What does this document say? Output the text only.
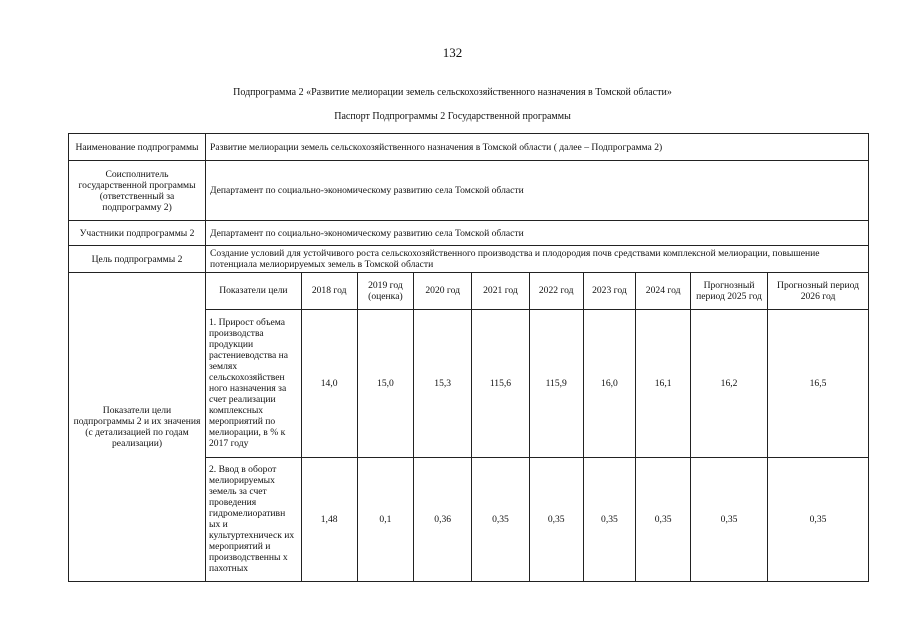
132
Подпрограмма 2 «Развитие мелиорации земель сельскохозяйственного назначения в Томской области»
Паспорт Подпрограммы 2 Государственной программы
Наименование подпрограммы	Развитие мелиорации земель сельскохозяйственного назначения в Томской области ( далее – Подпрограмма 2)
Соисполнитель государственной программы (ответственный за подпрограмму 2)	Департамент по социально-экономическому развитию села Томской области
Участники подпрограммы 2	Департамент по социально-экономическому развитию села Томской области
Цель подпрограммы 2	Создание условий для устойчивого роста сельскохозяйственного производства и плодородия почв средствами комплексной мелиорации, повышение потенциала мелиорируемых земель в Томской области
Показатели цели подпрограммы 2 и их значения (с детализацией по годам реализации)	
Показатели цели	2018 год	2019 год (оценка)	2020 год	2021 год	2022 год	2023 год	2024 год	Прогнозный период 2025 год	Прогнозный период 2026 год
1. Прирост объема производства продукции растениеводства на землях сельскохозяйствен ного назначения за счет реализации комплексных мероприятий по мелиорации, в % к 2017 году	14,0	15,0	15,3	115,6	115,9	16,0	16,1	16,2	16,5
2. Ввод в оборот мелиорируемых земель за счет проведения гидромелиоративн ых и культуртехническ их мероприятий и производственны х пахотных	1,48	0,1	0,36	0,35	0,35	0,35	0,35	0,35	0,35
